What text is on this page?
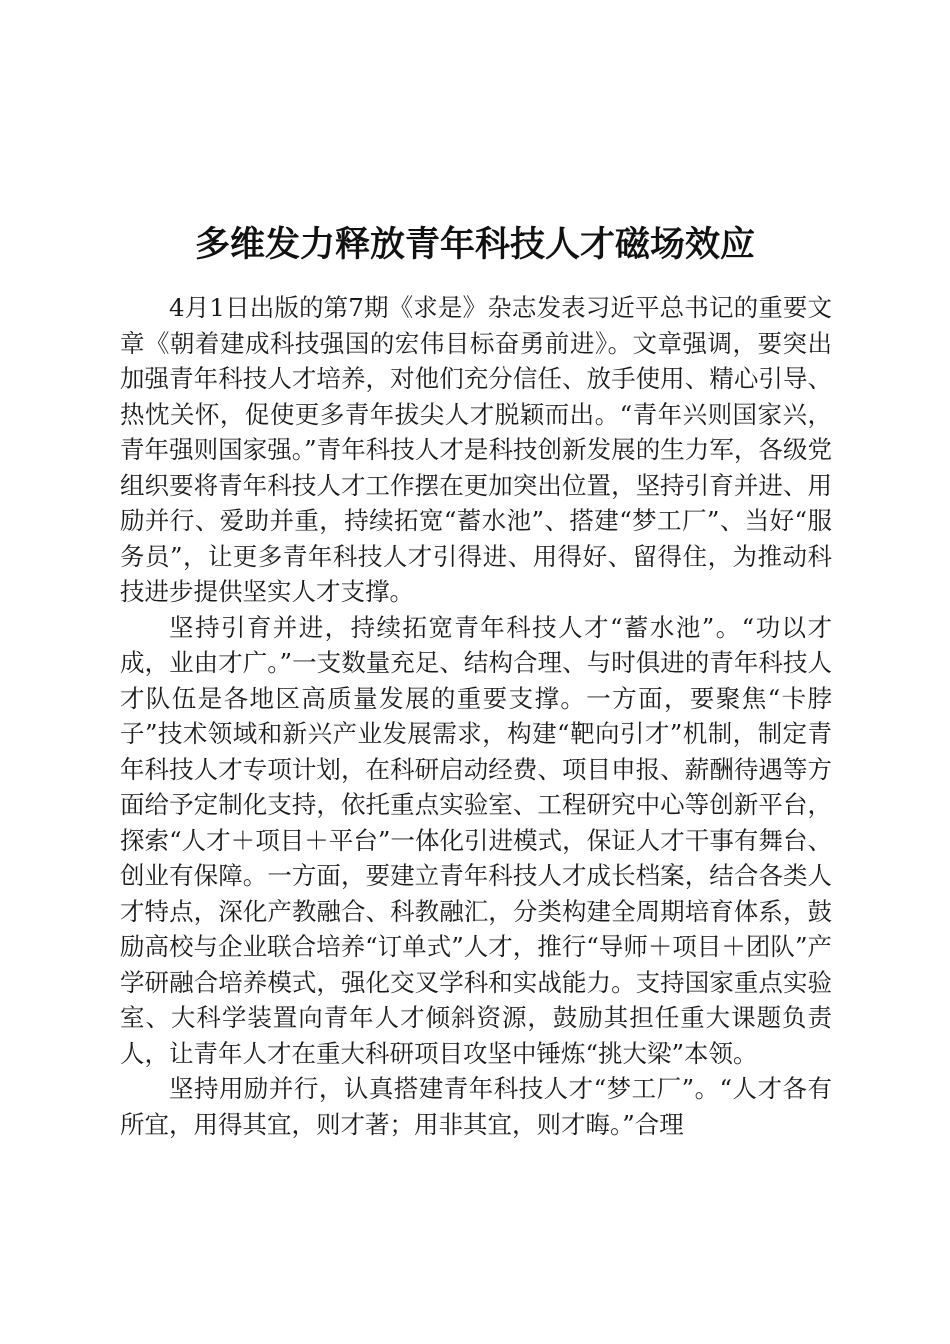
多维发力释放青年科技人才磁场效应

4月1日出版的第7期《求是》杂志发表习近平总书记的重要文章《朝着建成科技强国的宏伟目标奋勇前进》。文章强调，要突出加强青年科技人才培养，对他们充分信任、放手使用、精心引导、热忱关怀，促使更多青年拔尖人才脱颖而出。“青年兴则国家兴，青年强则国家强。”青年科技人才是科技创新发展的生力军，各级党组织要将青年科技人才工作摆在更加突出位置，坚持引育并进、用励并行、爱助并重，持续拓宽“蓄水池”、搭建“梦工厂”、当好“服务员”，让更多青年科技人才引得进、用得好、留得住，为推动科技进步提供坚实人才支撑。

坚持引育并进，持续拓宽青年科技人才“蓄水池”。“功以才成，业由才广。”一支数量充足、结构合理、与时俱进的青年科技人才队伍是各地区高质量发展的重要支撑。一方面，要聚焦“卡脖子”技术领域和新兴产业发展需求，构建“靶向引才”机制，制定青年科技人才专项计划，在科研启动经费、项目申报、薪酬待遇等方面给予定制化支持，依托重点实验室、工程研究中心等创新平台，探索“人才＋项目＋平台”一体化引进模式，保证人才干事有舞台、创业有保障。一方面，要建立青年科技人才成长档案，结合各类人才特点，深化产教融合、科教融汇，分类构建全周期培育体系，鼓励高校与企业联合培养“订单式”人才，推行“导师＋项目＋团队”产学研融合培养模式，强化交叉学科和实战能力。支持国家重点实验室、大科学装置向青年人才倾斜资源，鼓励其担任重大课题负责人，让青年人才在重大科研项目攻坚中锤炼“挑大梁”本领。

坚持用励并行，认真搭建青年科技人才“梦工厂”。“人才各有所宜，用得其宜，则才著；用非其宜，则才晦。”合理
